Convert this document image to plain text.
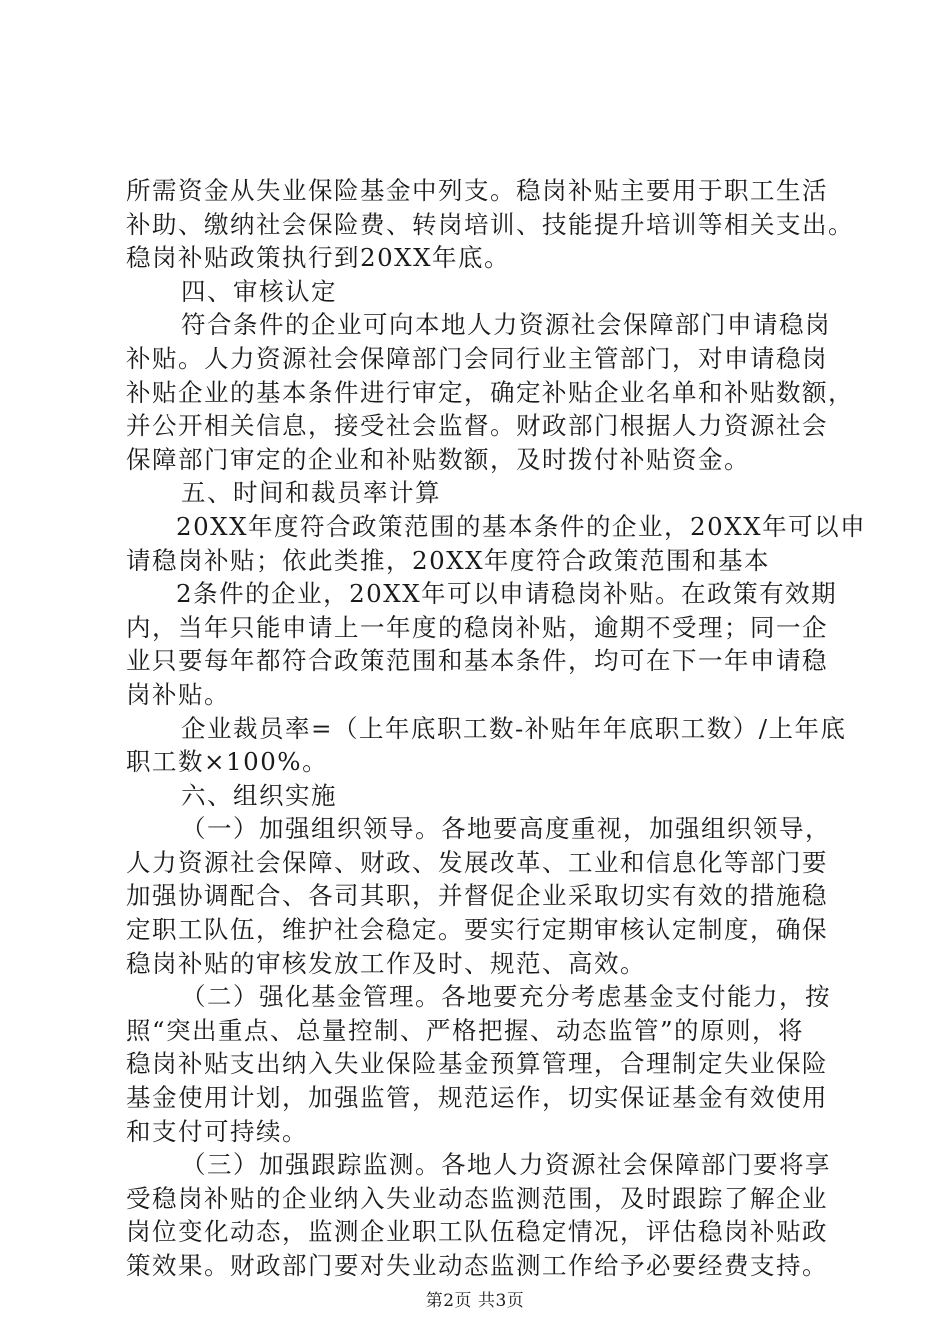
所需资金从失业保险基金中列支。稳岗补贴主要用于职工生活
补助、缴纳社会保险费、转岗培训、技能提升培训等相关支出。
稳岗补贴政策执行到20XX年底。
四、审核认定
符合条件的企业可向本地人力资源社会保障部门申请稳岗
补贴。人力资源社会保障部门会同行业主管部门，对申请稳岗
补贴企业的基本条件进行审定，确定补贴企业名单和补贴数额，
并公开相关信息，接受社会监督。财政部门根据人力资源社会
保障部门审定的企业和补贴数额，及时拨付补贴资金。
五、时间和裁员率计算
20XX年度符合政策范围的基本条件的企业，20XX年可以申
请稳岗补贴；依此类推，20XX年度符合政策范围和基本
2条件的企业，20XX年可以申请稳岗补贴。在政策有效期
内，当年只能申请上一年度的稳岗补贴，逾期不受理；同一企
业只要每年都符合政策范围和基本条件，均可在下一年申请稳
岗补贴。
企业裁员率=（上年底职工数-补贴年年底职工数）/上年底
职工数×100%。
六、组织实施
（一）加强组织领导。各地要高度重视，加强组织领导，
人力资源社会保障、财政、发展改革、工业和信息化等部门要
加强协调配合、各司其职，并督促企业采取切实有效的措施稳
定职工队伍，维护社会稳定。要实行定期审核认定制度，确保
稳岗补贴的审核发放工作及时、规范、高效。
（二）强化基金管理。各地要充分考虑基金支付能力，按
照“突出重点、总量控制、严格把握、动态监管”的原则，将
稳岗补贴支出纳入失业保险基金预算管理，合理制定失业保险
基金使用计划，加强监管，规范运作，切实保证基金有效使用
和支付可持续。
（三）加强跟踪监测。各地人力资源社会保障部门要将享
受稳岗补贴的企业纳入失业动态监测范围，及时跟踪了解企业
岗位变化动态，监测企业职工队伍稳定情况，评估稳岗补贴政
策效果。财政部门要对失业动态监测工作给予必要经费支持。
第2页 共3页
